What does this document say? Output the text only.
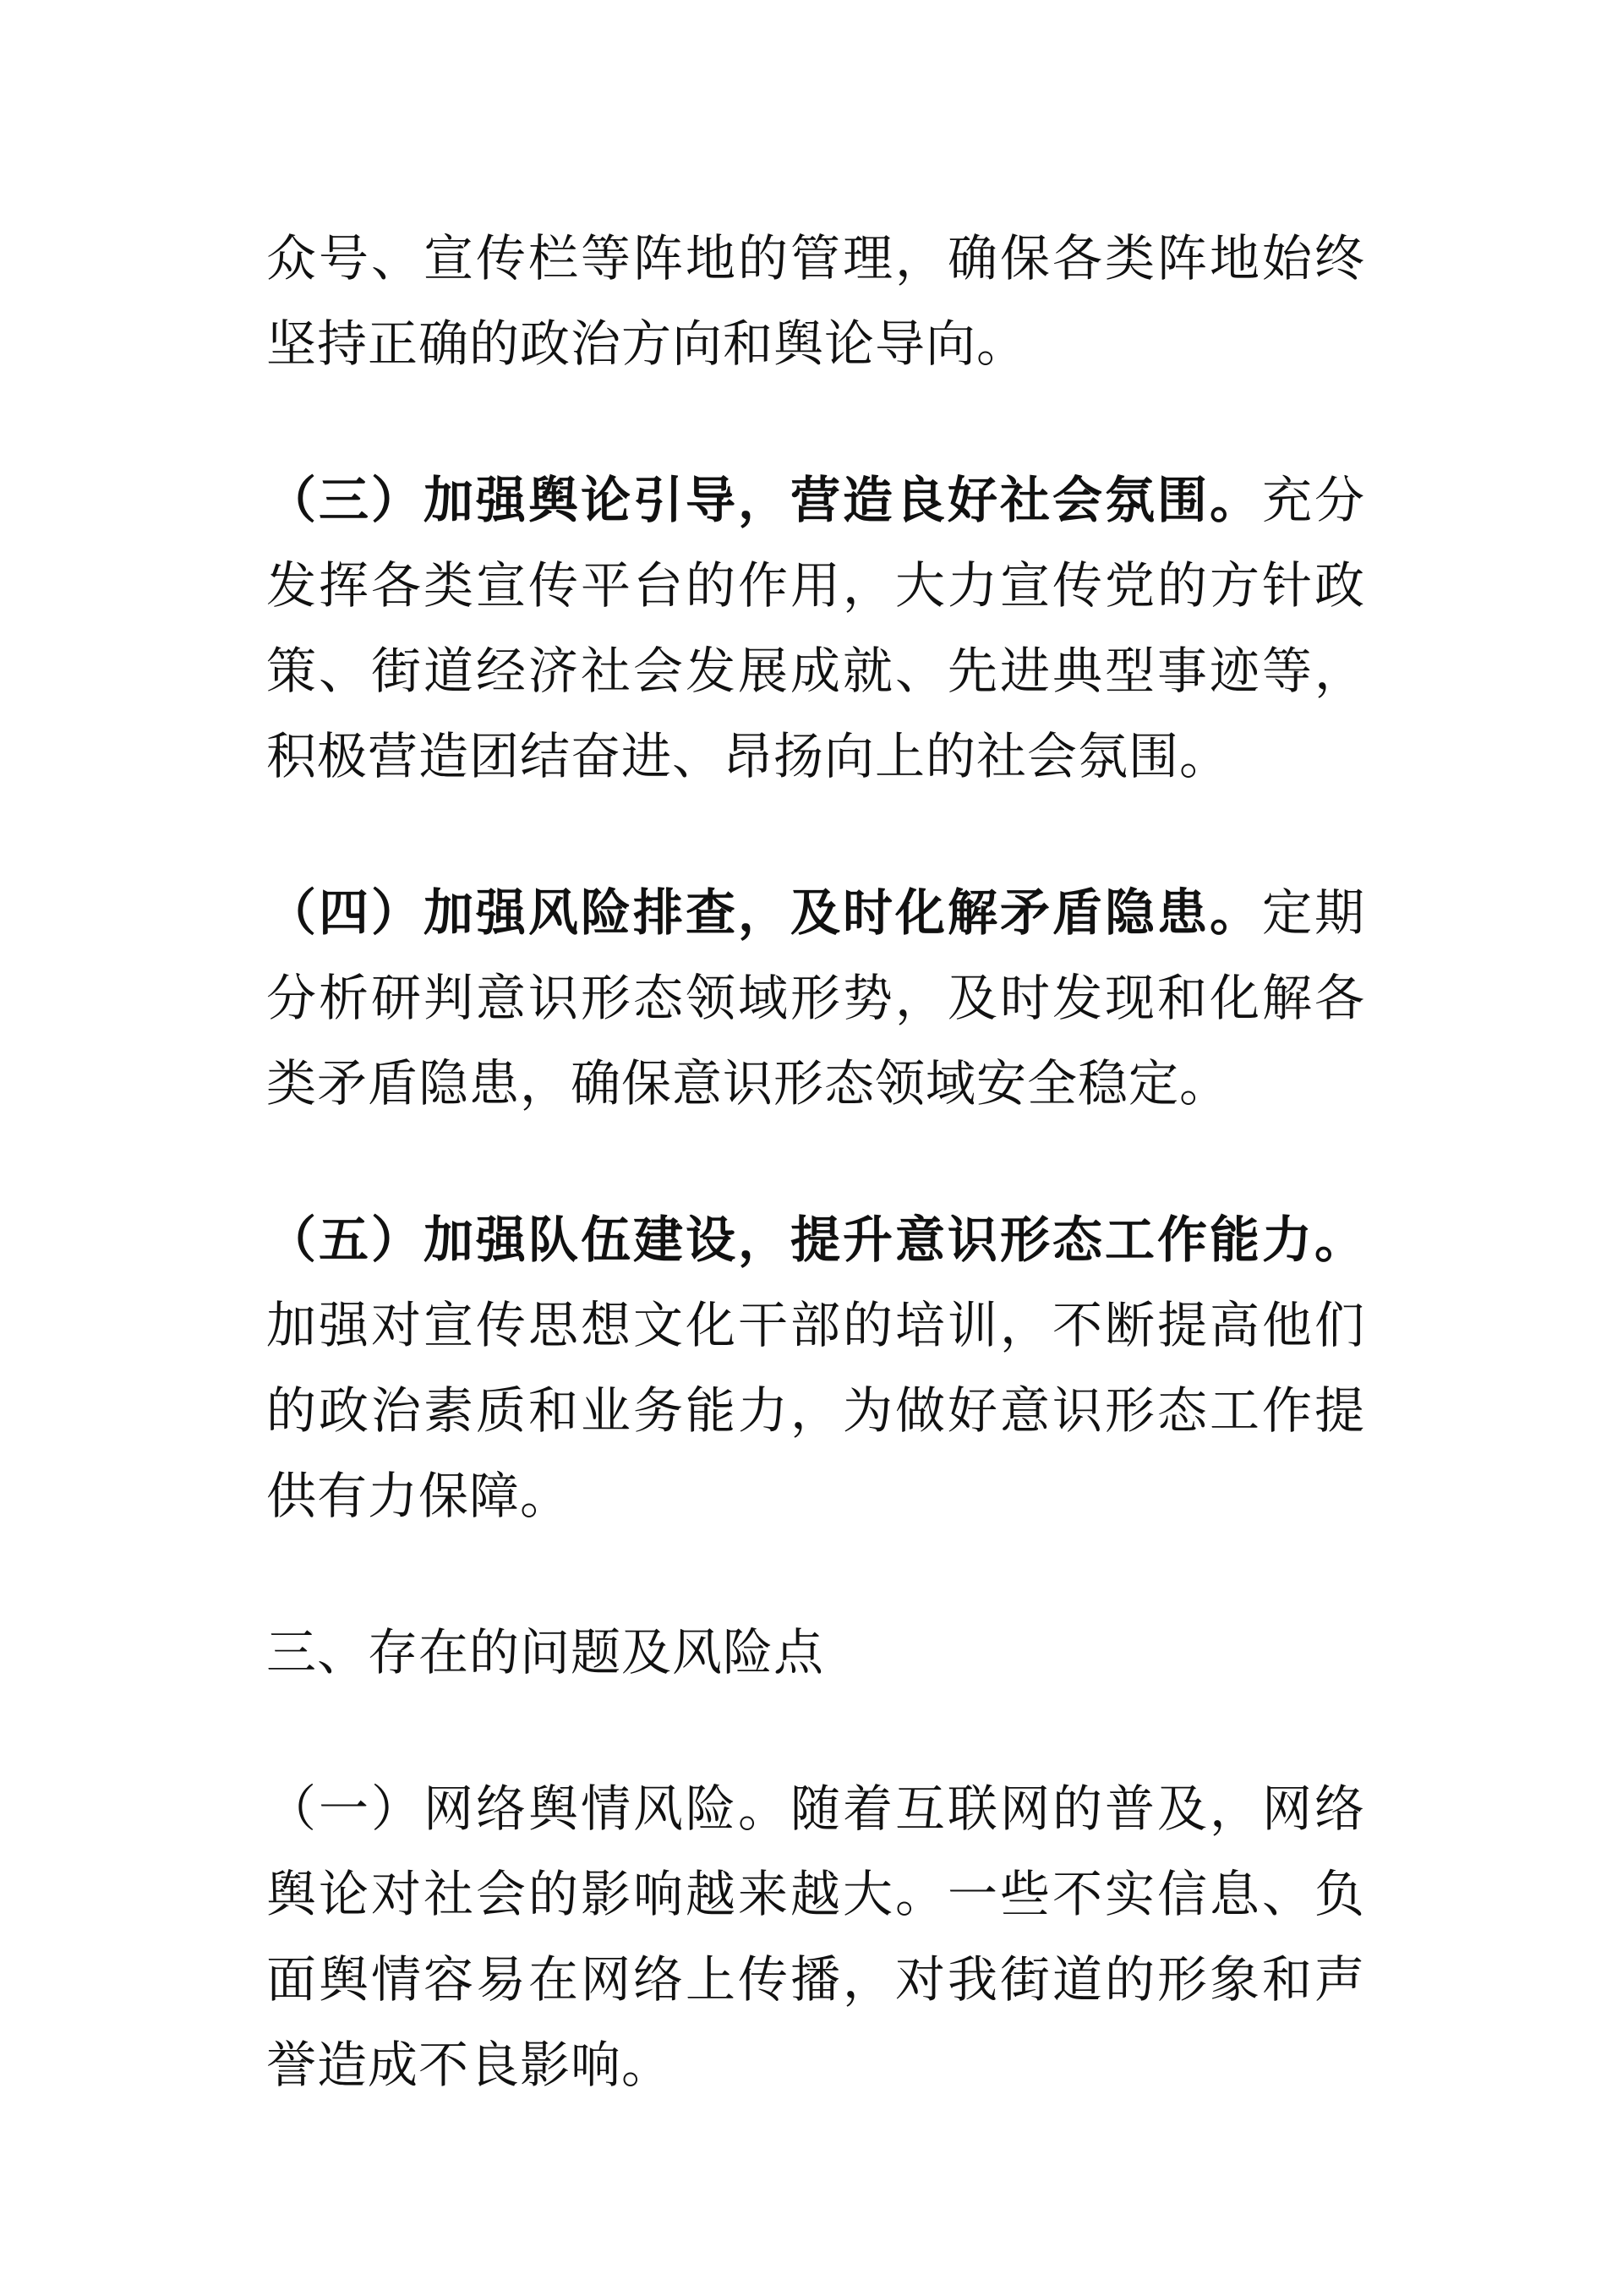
众号、宣传栏等阵地的管理，确保各类阵地始终坚持正确的政治方向和舆论导向。

（三）加强舆论引导，营造良好社会氛围。充分发挥各类宣传平台的作用，大力宣传党的方针政策、街道经济社会发展成就、先进典型事迹等，积极营造团结奋进、昂扬向上的社会氛围。

（四）加强风险排查，及时化解矛盾隐患。定期分析研判意识形态领域形势，及时发现和化解各类矛盾隐患，确保意识形态领域安全稳定。

（五）加强队伍建设，提升意识形态工作能力。加强对宣传思想文化干部的培训，不断提高他们的政治素质和业务能力，为做好意识形态工作提供有力保障。

三、存在的问题及风险点

（一）网络舆情风险。随着互联网的普及，网络舆论对社会的影响越来越大。一些不实信息、负面舆情容易在网络上传播，对我街道的形象和声誉造成不良影响。
